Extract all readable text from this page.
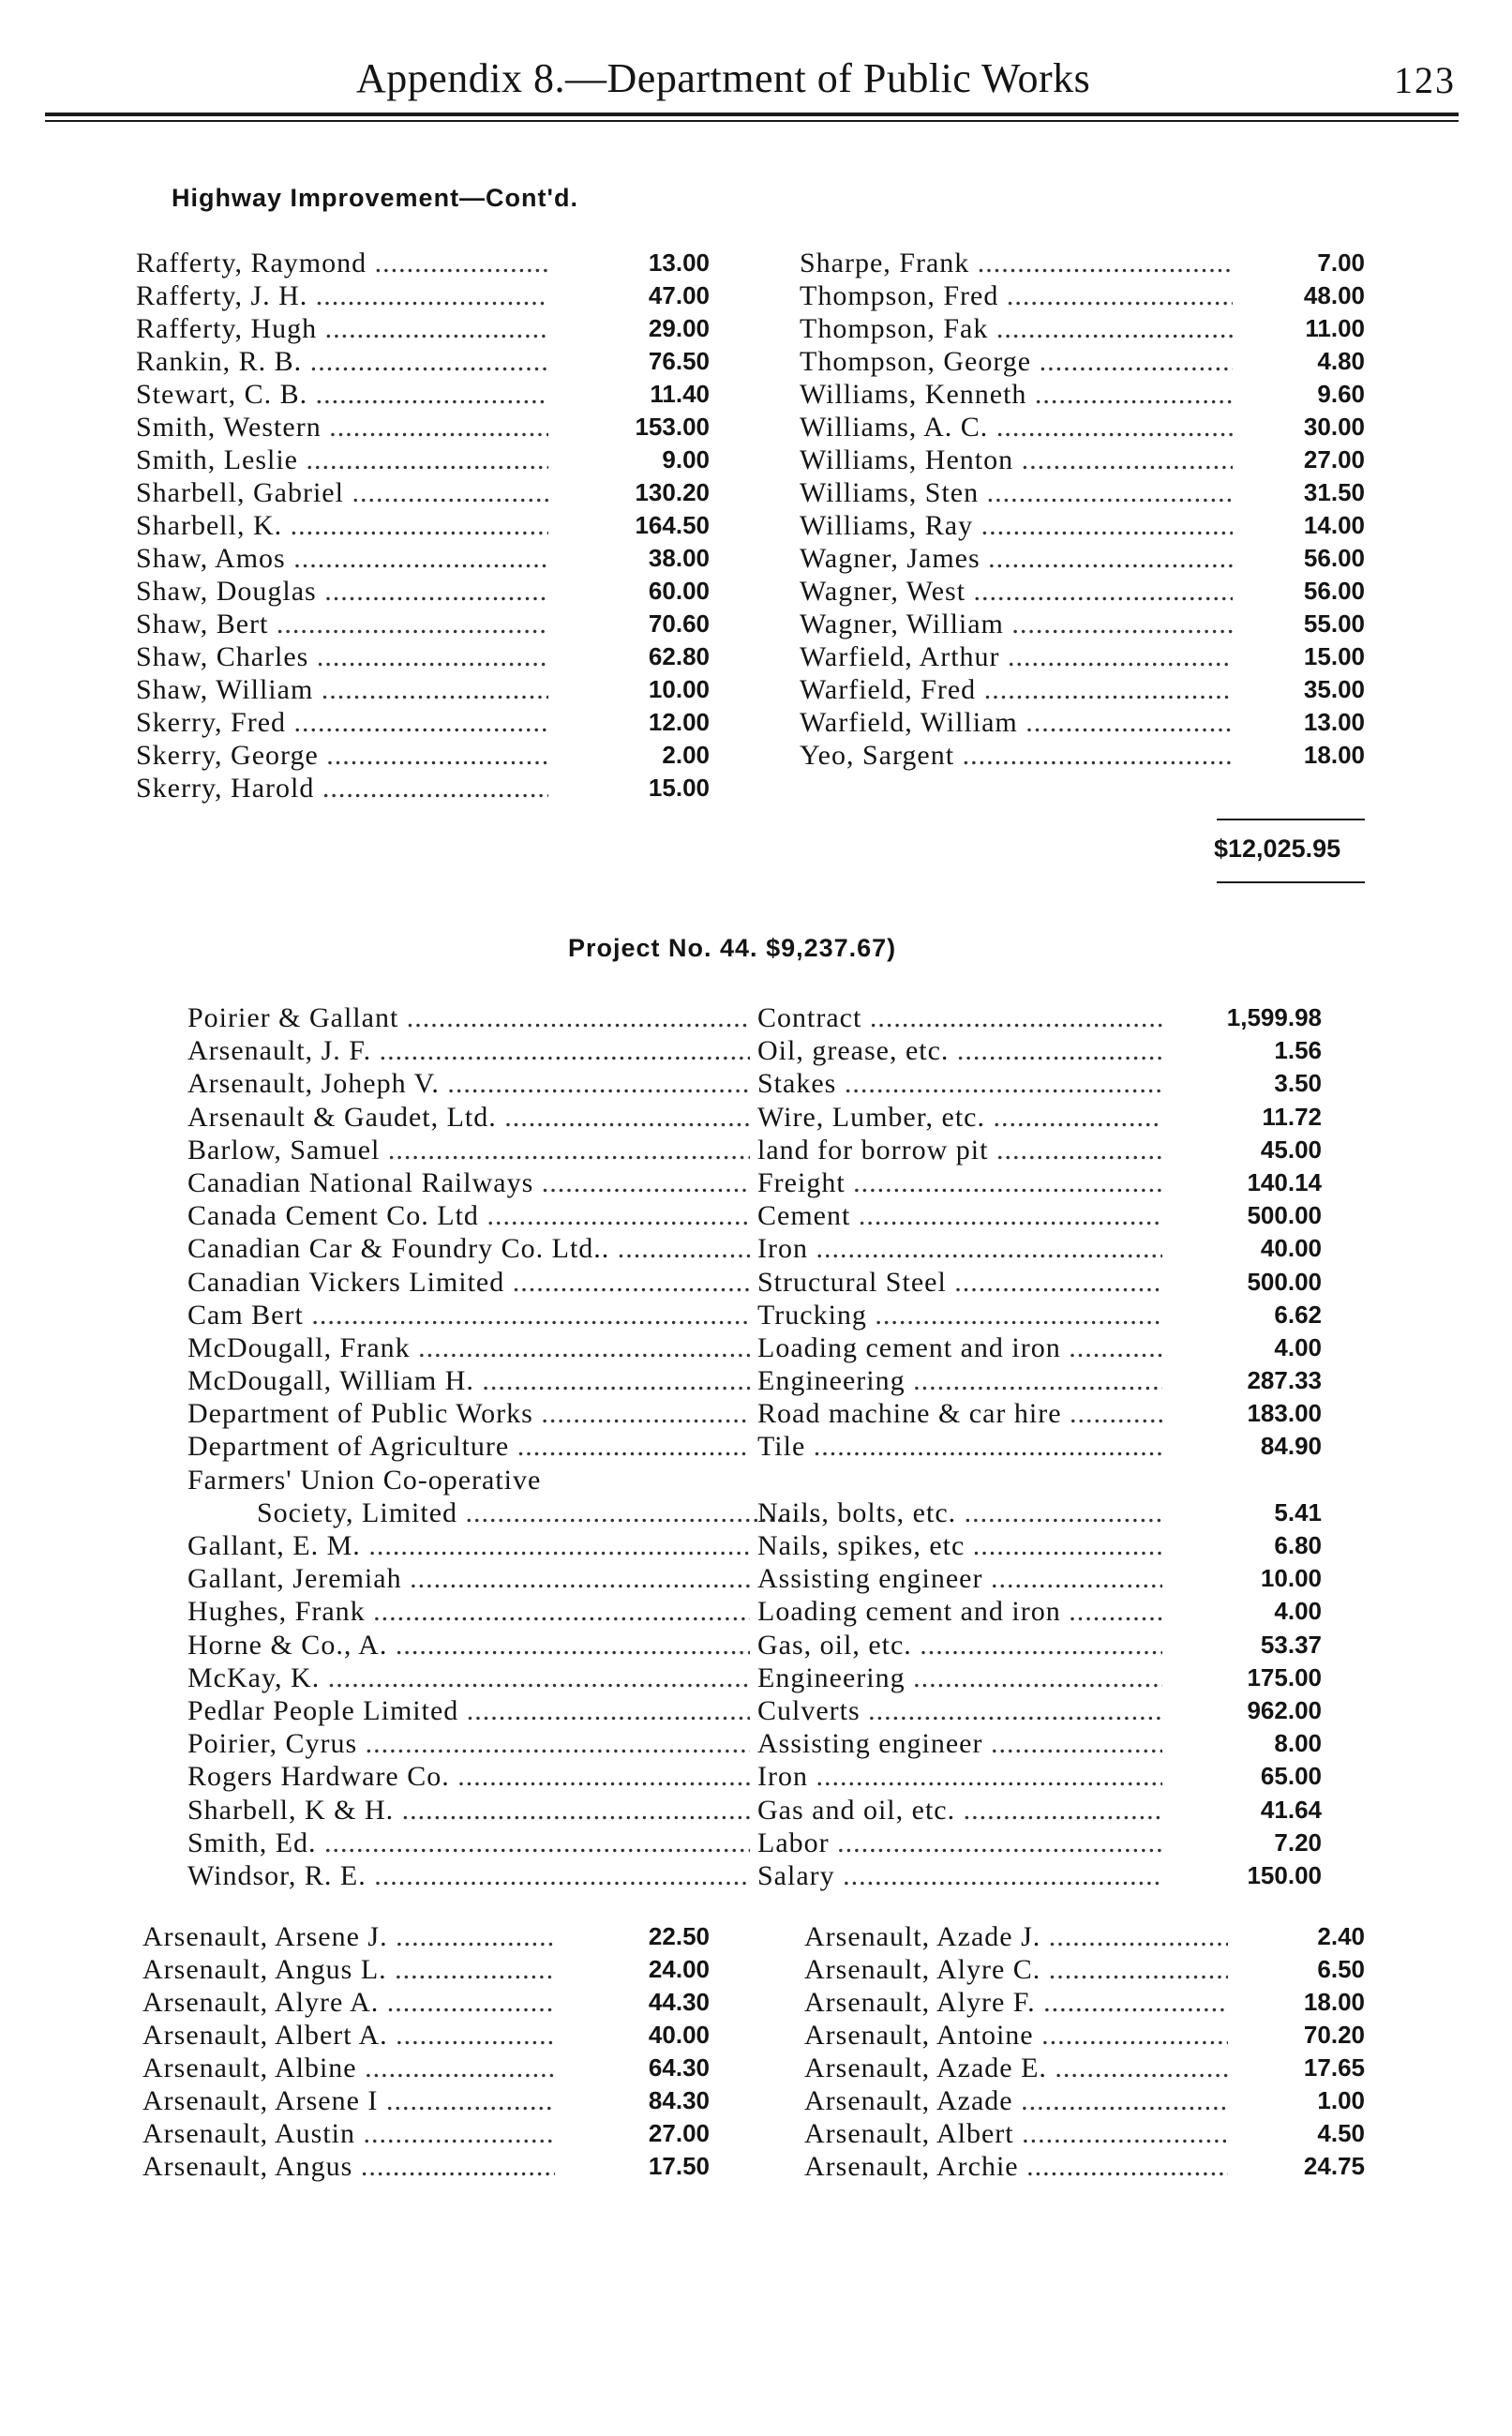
Appendix 8.—Department of Public Works	123
Highway Improvement—Cont'd.
Rafferty, Raymond .....	13.00
Rafferty, J. H. .....	47.00
Rafferty, Hugh .....	29.00
Rankin, R. B. .....	76.50
Stewart, C. B. .....	11.40
Smith, Western .....	153.00
Smith, Leslie .....	9.00
Sharbell, Gabriel .....	130.20
Sharbell, K. .....	164.50
Shaw, Amos .....	38.00
Shaw, Douglas .....	60.00
Shaw, Bert .....	70.60
Shaw, Charles .....	62.80
Shaw, William .....	10.00
Skerry, Fred .....	12.00
Skerry, George .....	2.00
Skerry, Harold .....	15.00
Sharpe, Frank .....	7.00
Thompson, Fred .....	48.00
Thompson, Fak .....	11.00
Thompson, George .....	4.80
Williams, Kenneth .....	9.60
Williams, A. C. .....	30.00
Williams, Henton .....	27.00
Williams, Sten .....	31.50
Williams, Ray .....	14.00
Wagner, James .....	56.00
Wagner, West .....	56.00
Wagner, William .....	55.00
Warfield, Arthur .....	15.00
Warfield, Fred .....	35.00
Warfield, William .....	13.00
Yeo, Sargent .....	18.00
$12,025.95
Project No. 44. $9,237.67)
Poirier & Gallant .....	Contract .....	1,599.98
Arsenault, J. F. .....	Oil, grease, etc. .....	1.56
Arsenault, Joheph V. .....	Stakes .....	3.50
Arsenault & Gaudet, Ltd. .....	Wire, Lumber, etc. .....	11.72
Barlow, Samuel .....	land for borrow pit .....	45.00
Canadian National Railways .....	Freight .....	140.14
Canada Cement Co. Ltd .....	Cement .....	500.00
Canadian Car & Foundry Co. Ltd.. .....	Iron .....	40.00
Canadian Vickers Limited .....	Structural Steel .....	500.00
Cam Bert .....	Trucking .....	6.62
McDougall, Frank .....	Loading cement and iron .....	4.00
McDougall, William H. .....	Engineering .....	287.33
Department of Public Works .....	Road machine & car hire .....	183.00
Department of Agriculture .....	Tile .....	84.90
Farmers' Union Co-operative
Society, Limited .....	Nails, bolts, etc. .....	5.41
Gallant, E. M. .....	Nails, spikes, etc .....	6.80
Gallant, Jeremiah .....	Assisting engineer .....	10.00
Hughes, Frank .....	Loading cement and iron .....	4.00
Horne & Co., A. .....	Gas, oil, etc. .....	53.37
McKay, K. .....	Engineering .....	175.00
Pedlar People Limited .....	Culverts .....	962.00
Poirier, Cyrus .....	Assisting engineer .....	8.00
Rogers Hardware Co. .....	Iron .....	65.00
Sharbell, K & H. .....	Gas and oil, etc. .....	41.64
Smith, Ed. .....	Labor .....	7.20
Windsor, R. E. .....	Salary .....	150.00
Arsenault, Arsene J. .....	22.50
Arsenault, Angus L. .....	24.00
Arsenault, Alyre A. .....	44.30
Arsenault, Albert A. .....	40.00
Arsenault, Albine .....	64.30
Arsenault, Arsene I .....	84.30
Arsenault, Austin .....	27.00
Arsenault, Angus .....	17.50
Arsenault, Azade J. .....	2.40
Arsenault, Alyre C. .....	6.50
Arsenault, Alyre F. .....	18.00
Arsenault, Antoine .....	70.20
Arsenault, Azade E. .....	17.65
Arsenault, Azade .....	1.00
Arsenault, Albert .....	4.50
Arsenault, Archie .....	24.75
